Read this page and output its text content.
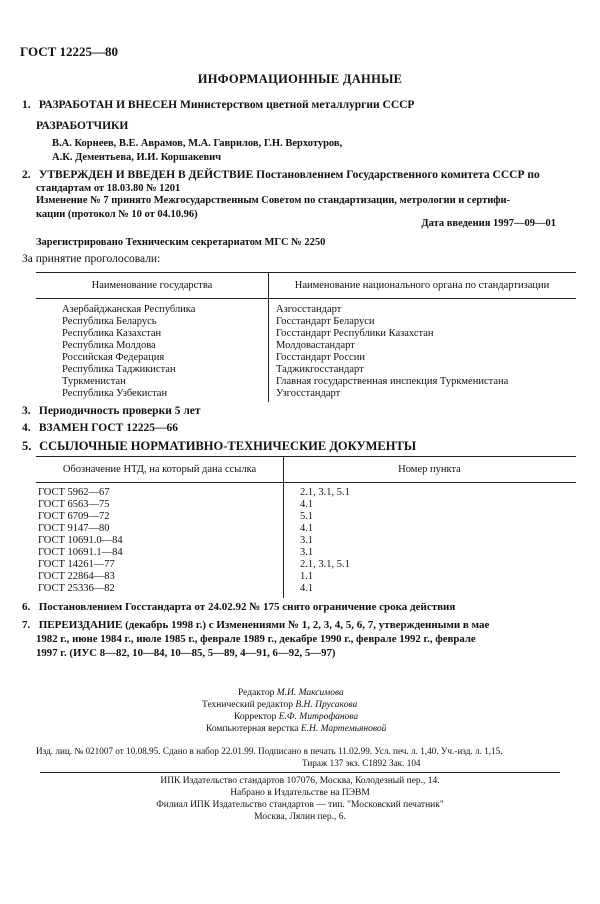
ГОСТ 12225—80
ИНФОРМАЦИОННЫЕ ДАННЫЕ
1. РАЗРАБОТАН И ВНЕСЕН Министерством цветной металлургии СССР
РАЗРАБОТЧИКИ
В.А. Корнеев, В.Е. Аврамов, М.А. Гаврилов, Г.Н. Верхотуров,
А.К. Дементьева, И.И. Коршакевич
2. УТВЕРЖДЕН И ВВЕДЕН В ДЕЙСТВИЕ Постановлением Государственного комитета СССР по
стандартам от 18.03.80 № 1201
Изменение № 7 принято Межгосударственным Советом по стандартизации, метрологии и сертифи-
кации (протокол № 10 от 04.10.96)
Дата введения 1997—09—01
Зарегистрировано Техническим секретариатом МГС № 2250
За принятие проголосовали:
Наименование государства	Наименование национального органа по стандартизации
Азербайджанская Республика	Азгосстандарт
Республика Беларусь	Госстандарт Беларуси
Республика Казахстан	Госстандарт Республики Казахстан
Республика Молдова	Молдовастандарт
Российская Федерация	Госстандарт России
Республика Таджикистан	Таджикгосстандарт
Туркменистан	Главная государственная инспекция Туркменистана
Республика Узбекистан	Узгосстандарт
3. Периодичность проверки 5 лет
4. ВЗАМЕН ГОСТ 12225—66
5. ССЫЛОЧНЫЕ НОРМАТИВНО-ТЕХНИЧЕСКИЕ ДОКУМЕНТЫ
Обозначение НТД, на который дана ссылка	Номер пункта
ГОСТ 5962—67	2.1, 3.1, 5.1
ГОСТ 6563—75	4.1
ГОСТ 6709—72	5.1
ГОСТ 9147—80	4.1
ГОСТ 10691.0—84	3.1
ГОСТ 10691.1—84	3.1
ГОСТ 14261—77	2.1, 3.1, 5.1
ГОСТ 22864—83	1.1
ГОСТ 25336—82	4.1
6. Постановлением Госстандарта от 24.02.92 № 175 снято ограничение срока действия
7. ПЕРЕИЗДАНИЕ (декабрь 1998 г.) с Изменениями № 1, 2, 3, 4, 5, 6, 7, утвержденными в мае
1982 г., июне 1984 г., июле 1985 г., феврале 1989 г., декабре 1990 г., феврале 1992 г., феврале
1997 г. (ИУС 8—82, 10—84, 10—85, 5—89, 4—91, 6—92, 5—97)
Редактор М.И. Максимова
Технический редактор В.Н. Прусакова
Корректор Е.Ф. Митрофанова
Компьютерная верстка Е.Н. Мартемьяновой
Изд. лиц. № 021007 от 10.08.95. Сдано в набор 22.01.99. Подписано в печать 11.02.99. Усл. печ. л. 1,40. Уч.-изд. л. 1,15.
Тираж 137 экз. С1892 Зак. 104
ИПК Издательство стандартов 107076, Москва, Колодезный пер., 14.
Набрано в Издательстве на ПЭВМ
Филиал ИПК Издательство стандартов — тип. "Московский печатник"
Москва, Лялин пер., 6.
